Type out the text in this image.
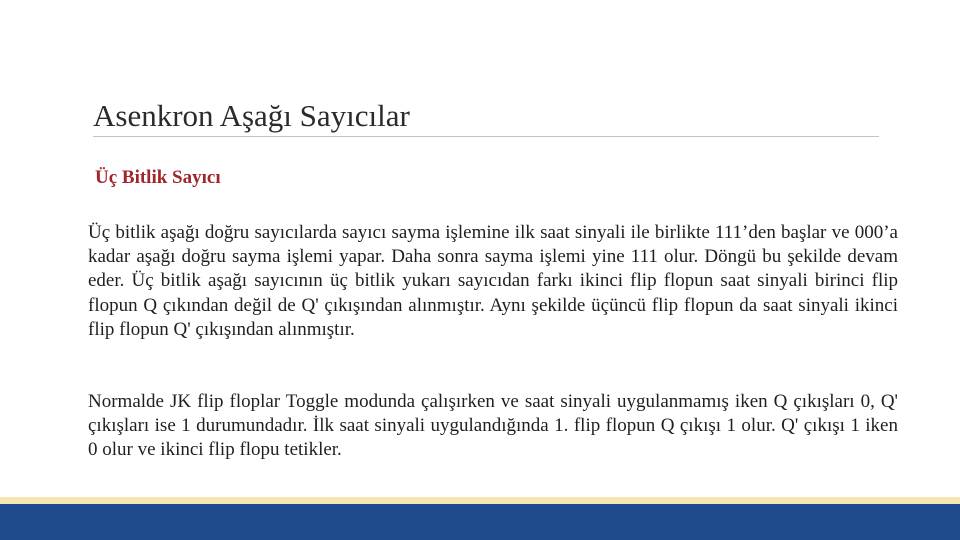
Asenkron Aşağı Sayıcılar
Üç Bitlik Sayıcı

Üç bitlik aşağı doğru sayıcılarda sayıcı sayma işlemine ilk saat sinyali ile birlikte 111’den başlar ve 000’a kadar aşağı doğru sayma işlemi yapar. Daha sonra sayma işlemi yine 111 olur. Döngü bu şekilde devam eder. Üç bitlik aşağı sayıcının üç bitlik yukarı sayıcıdan farkı ikinci flip flopun saat sinyali birinci flip flopun Q çıkından değil de Q' çıkışından alınmıştır. Aynı şekilde üçüncü flip flopun da saat sinyali ikinci flip flopun Q' çıkışından alınmıştır.

Normalde JK flip floplar Toggle modunda çalışırken ve saat sinyali uygulanmamış iken Q çıkışları 0, Q' çıkışları ise 1 durumundadır. İlk saat sinyali uygulandığında 1. flip flopun Q çıkışı 1 olur. Q' çıkışı 1 iken 0 olur ve ikinci flip flopu tetikler.
